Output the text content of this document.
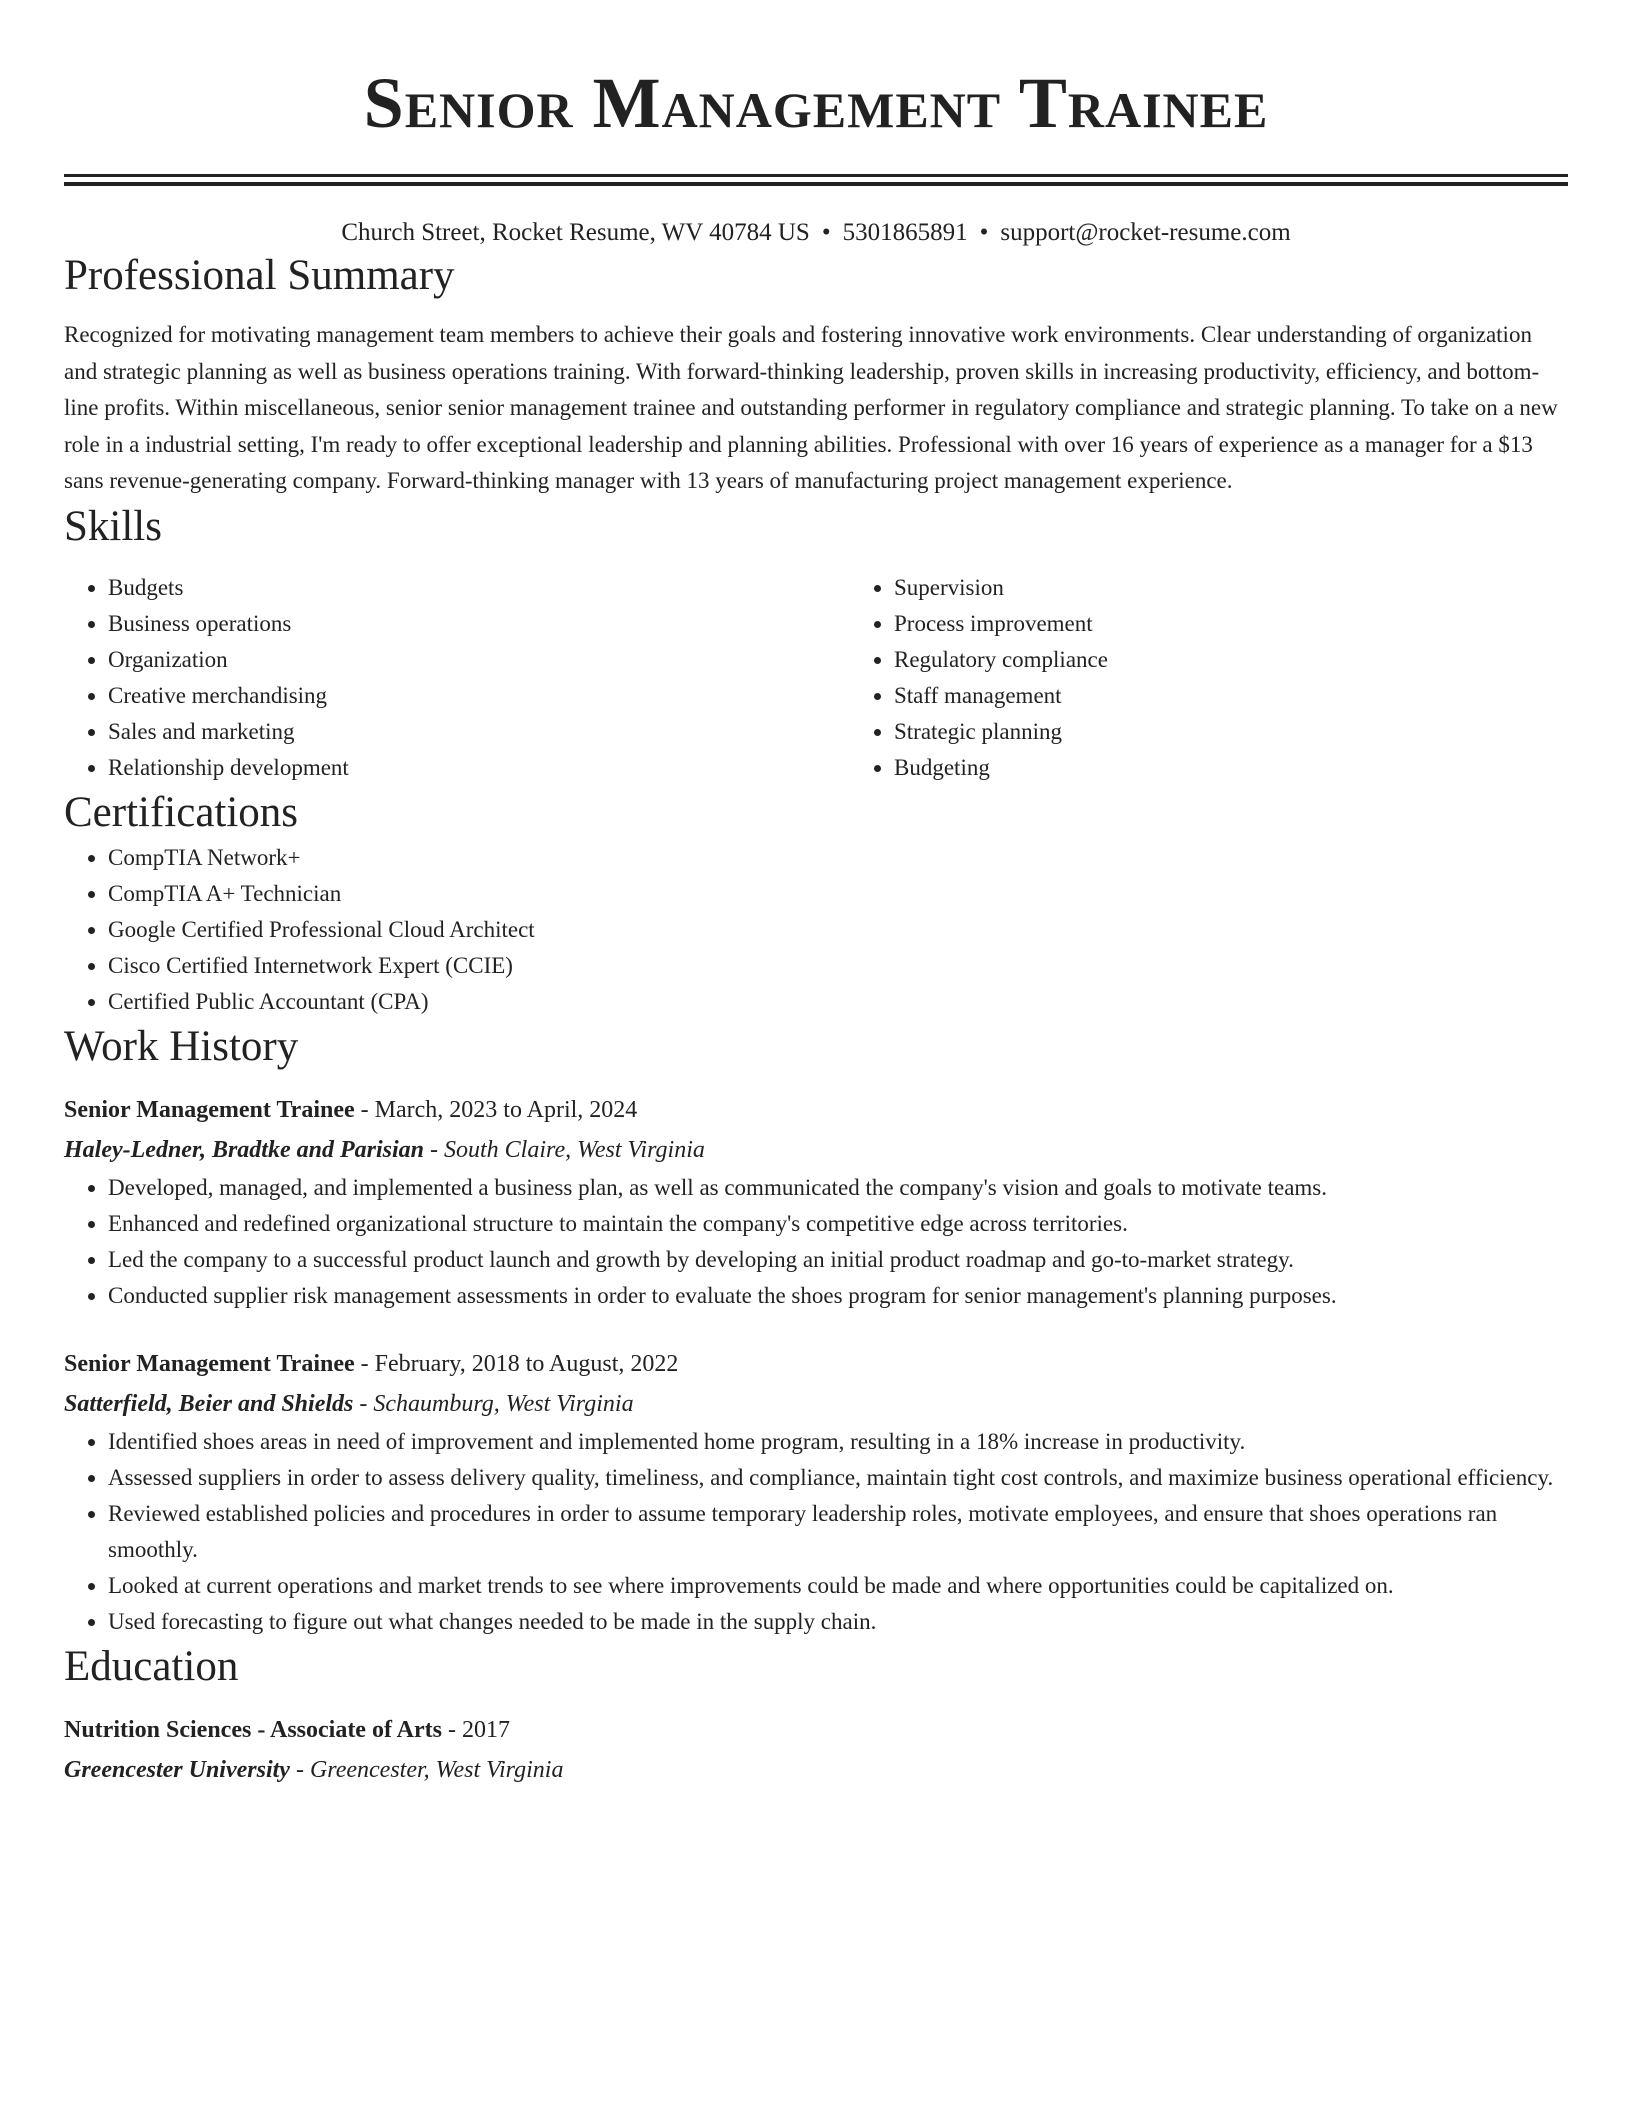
Senior Management Trainee
Church Street, Rocket Resume, WV 40784 US • 5301865891 • support@rocket-resume.com
Professional Summary
Recognized for motivating management team members to achieve their goals and fostering innovative work environments. Clear understanding of organization and strategic planning as well as business operations training. With forward-thinking leadership, proven skills in increasing productivity, efficiency, and bottom-line profits. Within miscellaneous, senior senior management trainee and outstanding performer in regulatory compliance and strategic planning. To take on a new role in a industrial setting, I'm ready to offer exceptional leadership and planning abilities. Professional with over 16 years of experience as a manager for a $13 sans revenue-generating company. Forward-thinking manager with 13 years of manufacturing project management experience.
Skills
• Budgets
• Business operations
• Organization
• Creative merchandising
• Sales and marketing
• Relationship development
• Supervision
• Process improvement
• Regulatory compliance
• Staff management
• Strategic planning
• Budgeting
Certifications
• CompTIA Network+
• CompTIA A+ Technician
• Google Certified Professional Cloud Architect
• Cisco Certified Internetwork Expert (CCIE)
• Certified Public Accountant (CPA)
Work History
Senior Management Trainee - March, 2023 to April, 2024
Haley-Ledner, Bradtke and Parisian - South Claire, West Virginia
• Developed, managed, and implemented a business plan, as well as communicated the company's vision and goals to motivate teams.
• Enhanced and redefined organizational structure to maintain the company's competitive edge across territories.
• Led the company to a successful product launch and growth by developing an initial product roadmap and go-to-market strategy.
• Conducted supplier risk management assessments in order to evaluate the shoes program for senior management's planning purposes.
Senior Management Trainee - February, 2018 to August, 2022
Satterfield, Beier and Shields - Schaumburg, West Virginia
• Identified shoes areas in need of improvement and implemented home program, resulting in a 18% increase in productivity.
• Assessed suppliers in order to assess delivery quality, timeliness, and compliance, maintain tight cost controls, and maximize business operational efficiency.
• Reviewed established policies and procedures in order to assume temporary leadership roles, motivate employees, and ensure that shoes operations ran smoothly.
• Looked at current operations and market trends to see where improvements could be made and where opportunities could be capitalized on.
• Used forecasting to figure out what changes needed to be made in the supply chain.
Education
Nutrition Sciences - Associate of Arts - 2017
Greencester University - Greencester, West Virginia
